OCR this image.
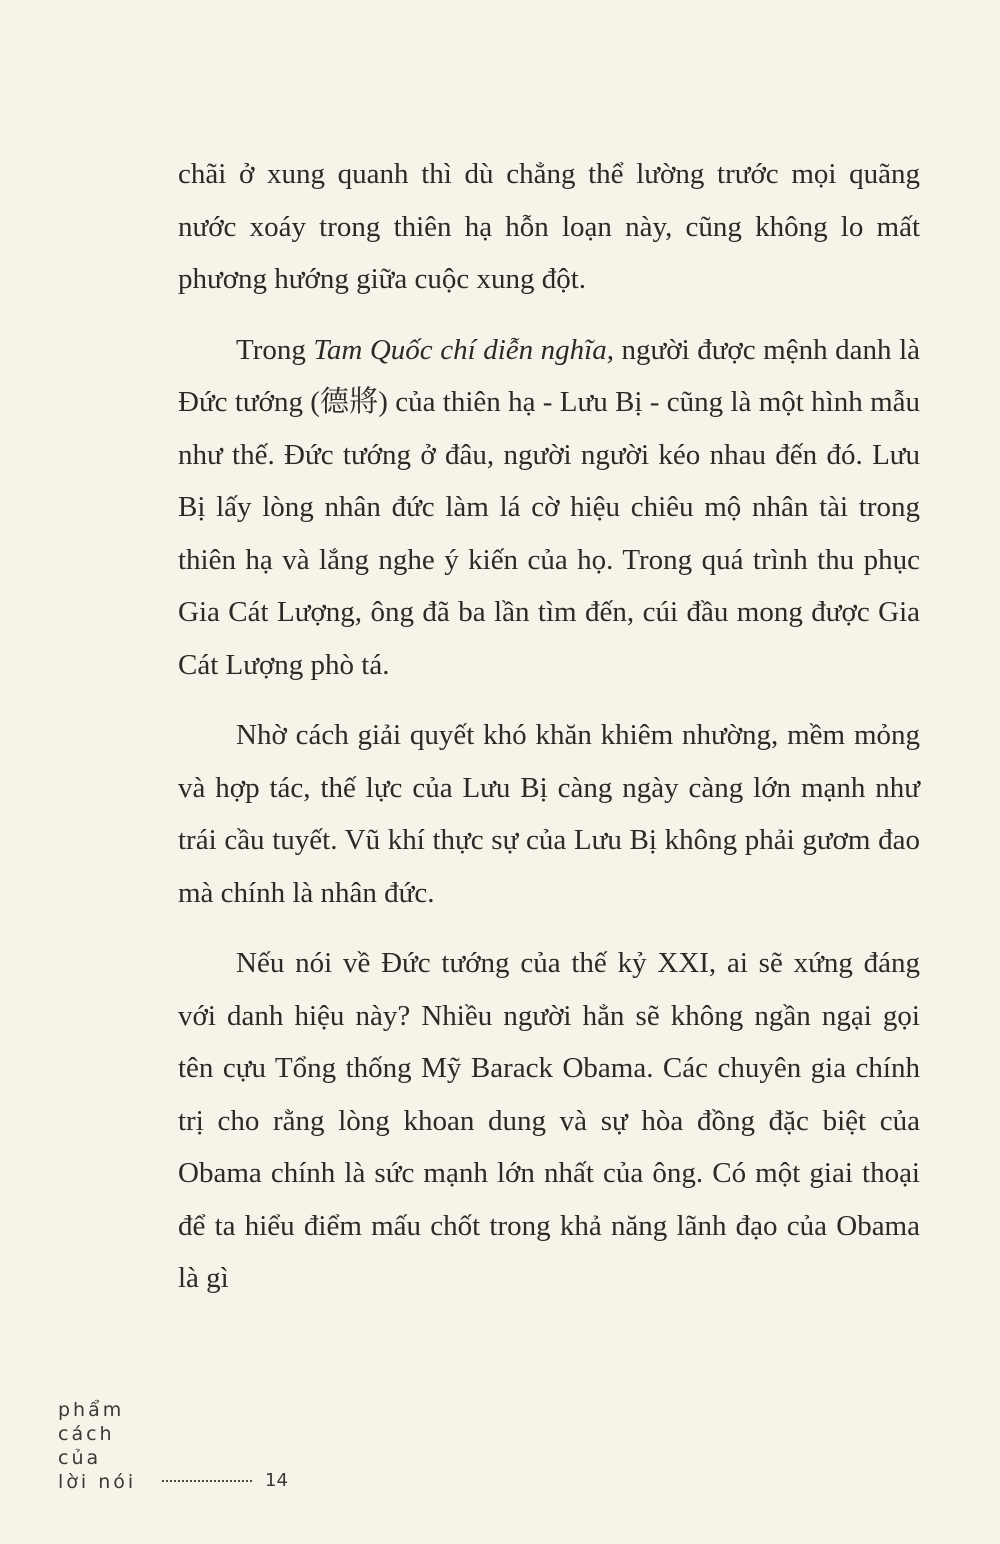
chãi ở xung quanh thì dù chẳng thể lường trước mọi quãng nước xoáy trong thiên hạ hỗn loạn này, cũng không lo mất phương hướng giữa cuộc xung đột.

Trong Tam Quốc chí diễn nghĩa, người được mệnh danh là Đức tướng (德將) của thiên hạ - Lưu Bị - cũng là một hình mẫu như thế. Đức tướng ở đâu, người người kéo nhau đến đó. Lưu Bị lấy lòng nhân đức làm lá cờ hiệu chiêu mộ nhân tài trong thiên hạ và lắng nghe ý kiến của họ. Trong quá trình thu phục Gia Cát Lượng, ông đã ba lần tìm đến, cúi đầu mong được Gia Cát Lượng phò tá.

Nhờ cách giải quyết khó khăn khiêm nhường, mềm mỏng và hợp tác, thế lực của Lưu Bị càng ngày càng lớn mạnh như trái cầu tuyết. Vũ khí thực sự của Lưu Bị không phải gươm đao mà chính là nhân đức.

Nếu nói về Đức tướng của thế kỷ XXI, ai sẽ xứng đáng với danh hiệu này? Nhiều người hẳn sẽ không ngần ngại gọi tên cựu Tổng thống Mỹ Barack Obama. Các chuyên gia chính trị cho rằng lòng khoan dung và sự hòa đồng đặc biệt của Obama chính là sức mạnh lớn nhất của ông. Có một giai thoại để ta hiểu điểm mấu chốt trong khả năng lãnh đạo của Obama là gì

phẩm
cách
của
lời nói	14
